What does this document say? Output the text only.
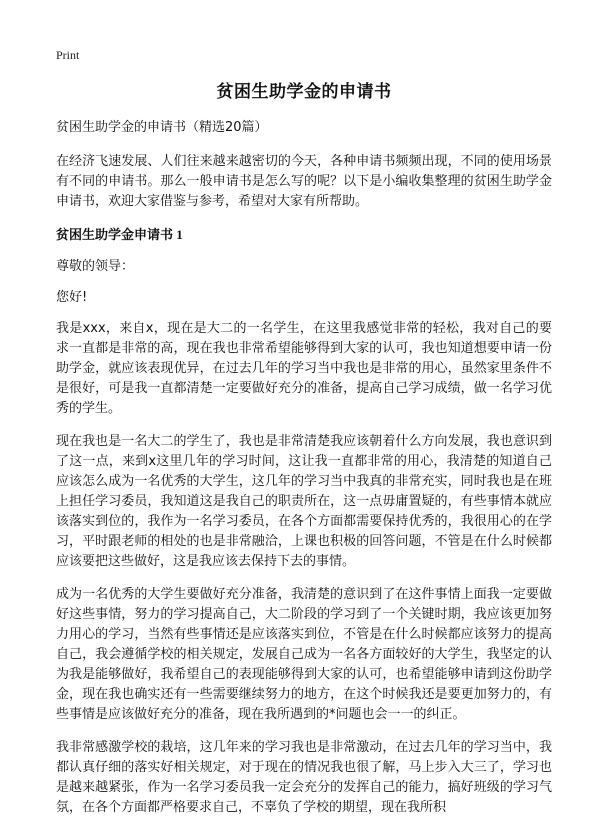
Print
贫困生助学金的申请书

贫困生助学金的申请书（精选20篇）

在经济飞速发展、人们往来越来越密切的今天，各种申请书频频出现，不同的使用场景有不同的申请书。那么一般申请书是怎么写的呢？以下是小编收集整理的贫困生助学金申请书，欢迎大家借鉴与参考，希望对大家有所帮助。

贫困生助学金申请书 1

尊敬的领导：

您好!

我是xxx，来自x，现在是大二的一名学生，在这里我感觉非常的轻松，我对自己的要求一直都是非常的高，现在我也非常希望能够得到大家的认可，我也知道想要申请一份助学金，就应该表现优异，在过去几年的学习当中我也是非常的用心，虽然家里条件不是很好，可是我一直都清楚一定要做好充分的准备，提高自己学习成绩，做一名学习优秀的学生。

现在我也是一名大二的学生了，我也是非常清楚我应该朝着什么方向发展，我也意识到了这一点，来到x这里几年的学习时间，这让我一直都非常的用心，我清楚的知道自己应该怎么成为一名优秀的大学生，这几年的学习当中我真的非常充实，同时我也是在班上担任学习委员，我知道这是我自己的职责所在，这一点毋庸置疑的，有些事情本就应该落实到位的，我作为一名学习委员，在各个方面都需要保持优秀的，我很用心的在学习，平时跟老师的相处的也是非常融洽，上课也积极的回答问题，不管是在什么时候都应该要把这些做好，这是我应该去保持下去的事情。

成为一名优秀的大学生要做好充分准备，我清楚的意识到了在这件事情上面我一定要做好这些事情，努力的学习提高自己，大二阶段的学习到了一个关键时期，我应该更加努力用心的学习，当然有些事情还是应该落实到位，不管是在什么时候都应该努力的提高自己，我会遵循学校的相关规定，发展自己成为一名各方面较好的大学生，我坚定的认为我是能够做好，我希望自己的表现能够得到大家的认可，也希望能够申请到这份助学金，现在我也确实还有一些需要继续努力的地方，在这个时候我还是要更加努力的，有些事情是应该做好充分的准备，现在我所遇到的*问题也会一一的纠正。

我非常感激学校的栽培，这几年来的学习我也是非常激动，在过去几年的学习当中，我都认真仔细的落实好相关规定，对于现在的情况我也很了解，马上步入大三了，学习也是越来越紧张，作为一名学习委员我一定会充分的发挥自己的能力，搞好班级的学习气氛，在各个方面都严格要求自己，不辜负了学校的期望，现在我所积
